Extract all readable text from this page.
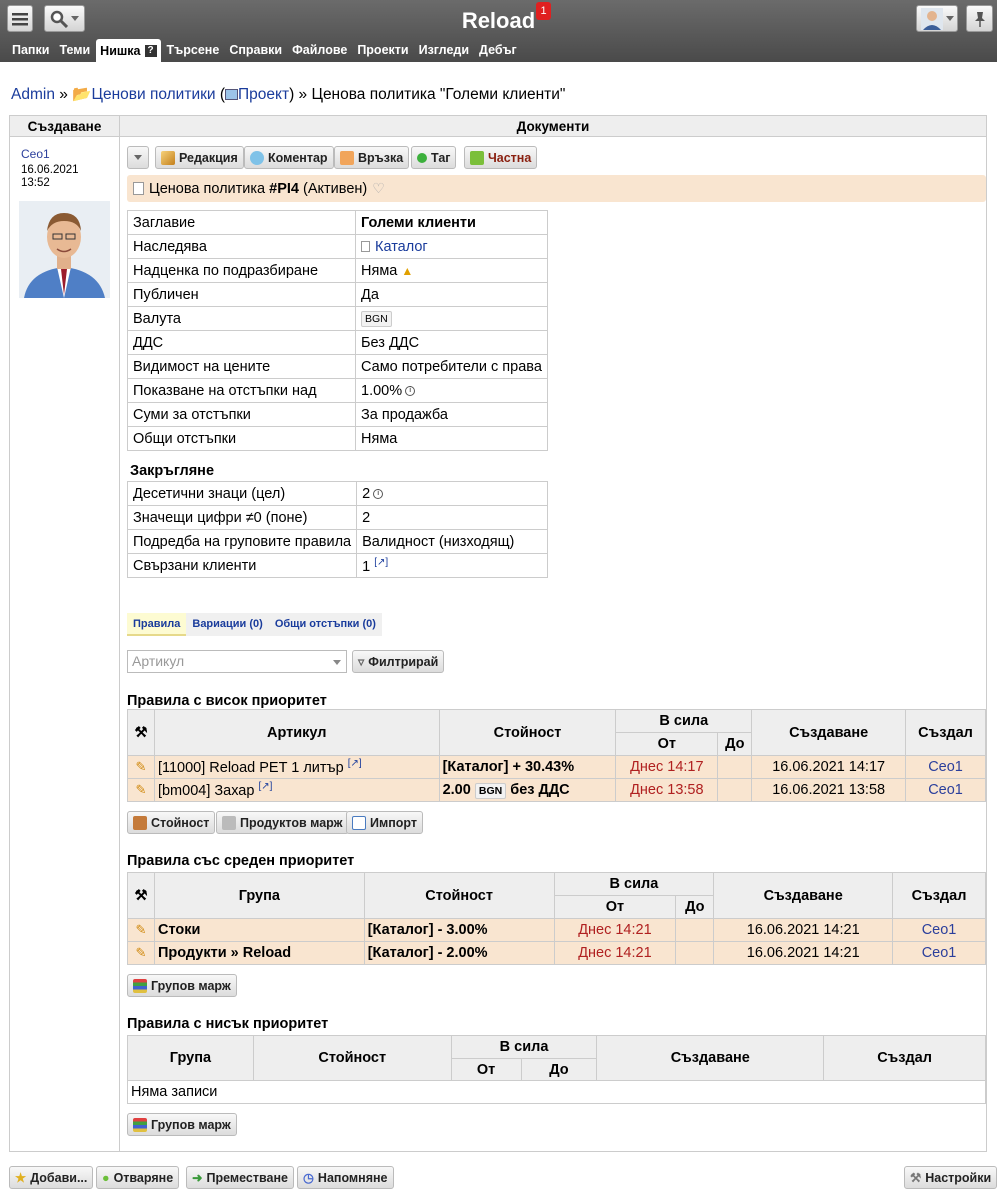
Reload 1
Папки Теми Нишка ?	Търсене Справки Файлове Проекти Изгледи Дебъг
Admin » 📂Ценови политики ( Проект) » Ценова политика "Големи клиенти"
Създаване	Документи
Ceo1
16.06.2021
13:52
Редакция Коментар Връзка Таг	Частна
Ценова политика
#PI4
(Активен) ♡
Заглавие	Големи клиенти
Наследява	Каталог
Надценка по подразбиране	Няма ▲
Публичен	Да
Валута	BGN
ДДС	Без ДДС
Видимост на цените	Само потребители с права
Показване на отстъпки над	1.00% i
Суми за отстъпки	За продажба
Общи отстъпки	Няма
Закръгляне
Десетични знаци (цел)	2 i
Значещи цифри ≠0 (поне)	2
Подредба на груповите правила	Валидност (низходящ)
Свързани клиенти	1 [↗]
Правила	Вариации (0)	Общи отстъпки (0)
Артикул	▿ Филтрирай
Правила с висок приоритет
⚒	Артикул	Стойност	В сила		Създаване	Създал
			От	До		
✎	[11000] Reload PET 1 литър [↗]	[Каталог] + 30.43%	Днес 14:17		16.06.2021 14:17	Ceo1
✎	[bm004] Захар [↗]	2.00 BGN без ДДС	Днес 13:58		16.06.2021 13:58	Ceo1
Стойност Продуктов марж Импорт
Правила със среден приоритет
⚒	Група	Стойност	В сила		Създаване	Създал
			От	До		
✎	Стоки	[Каталог] - 3.00%	Днес 14:21		16.06.2021 14:21	Ceo1
✎	Продукти » Reload	[Каталог] - 2.00%	Днес 14:21		16.06.2021 14:21	Ceo1
Групов марж
Правила с нисък приоритет
Група	Стойност	В сила		Създаване	Създал
		От	До		
Няма записи					
Групов марж
★ Добави... ● Отваряне ➜ Преместване ◷ Напомняне	⚒ Настройки
